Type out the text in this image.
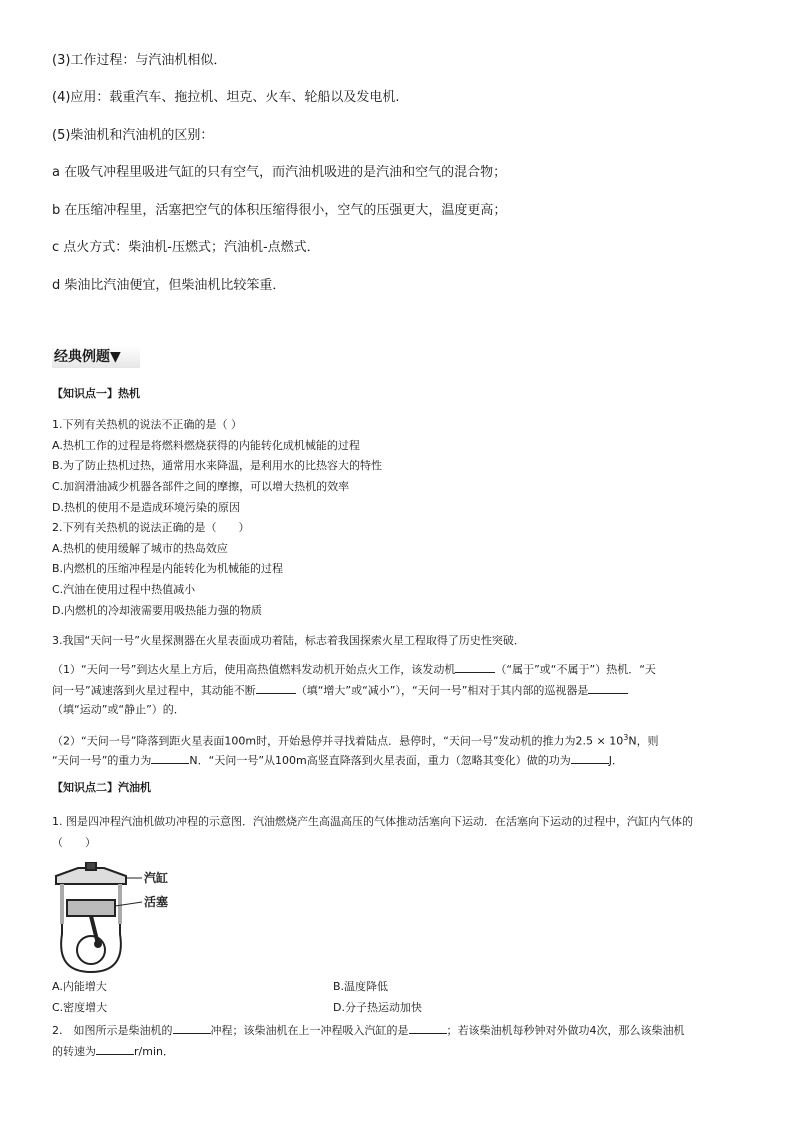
(3)工作过程：与汽油机相似．

(4)应用：载重汽车、拖拉机、坦克、火车、轮船以及发电机.

(5)柴油机和汽油机的区别：

a 在吸气冲程里吸进气缸的只有空气，而汽油机吸进的是汽油和空气的混合物；

b 在压缩冲程里，活塞把空气的体积压缩得很小，空气的压强更大，温度更高；

c 点火方式：柴油机-压燃式；汽油机-点燃式．

d 柴油比汽油便宜，但柴油机比较笨重．

经典例题▼

【知识点一】热机

1.下列有关热机的说法不正确的是（ ）

A.热机工作的过程是将燃料燃烧获得的内能转化成机械能的过程

B.为了防止热机过热，通常用水来降温，是利用水的比热容大的特性

C.加润滑油减少机器各部件之间的摩擦，可以增大热机的效率

D.热机的使用不是造成环境污染的原因

2.下列有关热机的说法正确的是（　　）

A.热机的使用缓解了城市的热岛效应

B.内燃机的压缩冲程是内能转化为机械能的过程

C.汽油在使用过程中热值减小

D.内燃机的冷却液需要用吸热能力强的物质

3.我国“天问一号”火星探测器在火星表面成功着陆，标志着我国探索火星工程取得了历史性突破．

（1）“天问一号”到达火星上方后，使用高热值燃料发动机开始点火工作，该发动机	（“属于”或“不属于”）热机．“天

问一号”减速落到火星过程中，其动能不断	（填“增大”或“减小”），“天问一号”相对于其内部的巡视器是

（填“运动”或“静止”）的．

（2）“天问一号”降落到距火星表面100m时，开始悬停并寻找着陆点．悬停时，“天问一号”发动机的推力为$2.5 \times 10^3N$，则

“天问一号”的重力为	N．“天问一号”从100m高竖直降落到火星表面，重力（忽略其变化）做的功为	J．

【知识点二】汽油机

1. 图是四冲程汽油机做功冲程的示意图．汽油燃烧产生高温高压的气体推动活塞向下运动．在活塞向下运动的过程中，汽缸内气体的

（　　）

汽缸
活塞

A.内能增大	B.温度降低

C.密度增大	D.分子热运动加快

2.　如图所示是柴油机的	冲程；该柴油机在上一冲程吸入汽缸的是	；若该柴油机每秒钟对外做功4次，那么该柴油机

的转速为	r/min．
